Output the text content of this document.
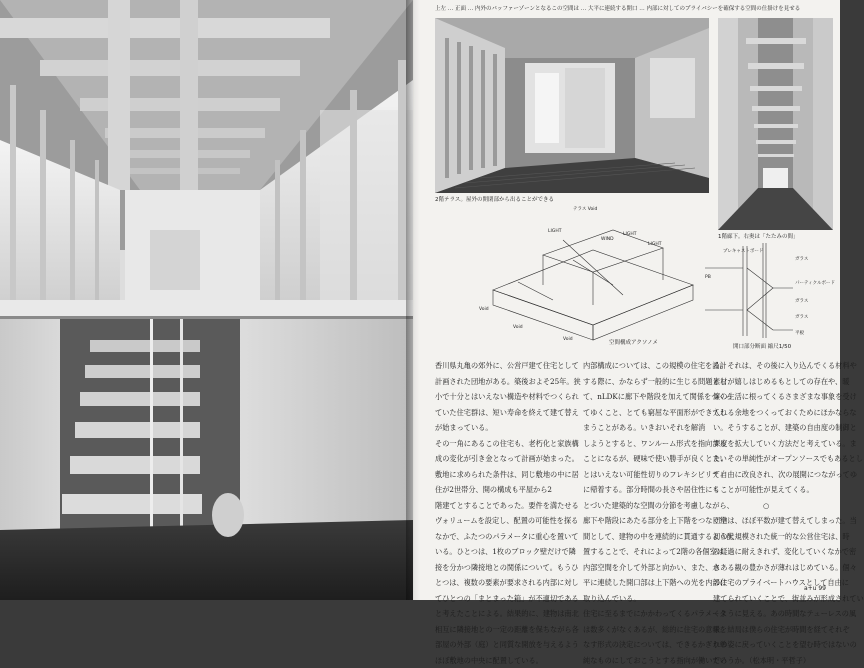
上左 … 正面 … 内外のバッファーゾーンとなるこの空間は … 大平に連続する開口 … 内部に対してのプライバシーを確保する空間の仕掛けを見せる
2階テラス。屋外の開閉部から出ることができる
1階廊下。右奥は「たたみの間」
テラス Void
LIGHT
LIGHT
WIND
LIGHT
Void
Void
Void
空間構成アクソノメ
プレキャストボード
ガラス
パーティクルボード
ガラス
ガラス
平板
PB
開口部分断面 縮尺1/50
香川県丸亀の郊外に、公営戸建て住宅として
計画された団地がある。築後およそ25年。狭
小で十分とはいえない構造や材料でつくられ
ていた住宅群は、短い寿命を終えて建て替え
が始まっている。
その一角にあるこの住宅も、老朽化と家族構
成の変化が引き金となって計画が始まった。
敷地に求められた条件は、同じ敷地の中に居
住が2世帯分、開の構成も平屋から2
階建てとすることであった。要件を満たせる
ヴォリュームを設定し、配置の可能性を探る
なかで、ふたつのパラメータに重心を置いて
いる。ひとつは、1枚のブロック壁だけで隣
接を分かつ隣接地との関係について。もうひ
とつは、複数の要素が要求される内部に対し
てひとつの「まとまった箱」が不適切である
と考えたことによる。結果的に、建物は南北
相互に隣接地との一定の距離を保ちながら各
部屋の外部（庭）と同質な開放を与えるよう
ほぼ敷地の中央に配置している。
内部構成については、この規模の住宅を設計
する際に、かならず一般的に生じる問題とし
て、nLDKに廊下や階段を加えて関係をつくっ
てゆくこと、とても窮屈な平面形ができてし
まうことがある。いきおいそれを解消
しようとすると、ワンルーム形式を指向する
ことになるが、硬味で使い勝手が良くとまい
とはいえない可能性切りのフレキシビリティ
に帰着する。部分時間の長さや居住性にも
とづいた建築的な空間の分節を考慮しながら、
廊下や階段にあたる部分を上下階をつなぐ空
間として、建物の中を連続的に貫通するよう配
置することで、それによって2階の各個室は、
内部空間を介して外部と向かい、また、水
平に連続した開口部は上下階への光を内部に
取り込んでいる。
住宅に至るまでにかかわってくるパラメータ
は数多くがなくあるが、総的に住宅の意味を
なす形式の決定については、できるかぎり単
純なものにしておこうとする指向が働いてい
る。それは、その後に入り込んでくる材料や
素材が嬉しはじめるもとしての存在や、暖
簾の生活に根ってくるさまざまな事象を受け
入れる余地をつくっておくためにほかならな
い。そうすることが、建築の自由度の制御と
課度を拡大していく方法だと考えている。ま
た、その単純性がオープンソースでもあるとし
て自由に改良され、次の展開につながってゆ
くことが可能性が見えてくる。
○
団地は、ほぼ平数が建て替えてしまった。当
初の大規模された統一的な公営住宅は、時
の経過に耐えきれず、変化していくなかで密
さある観の豊かさが薄れはじめている。個々
の住宅のプライベートハウスとして自由に
建てられていくことで、街並みが形成されてい
くように見える。あの時間なテューレスの風
景。結局は僕らの住宅が時間を経てそれぞ
れの姿に戻っていくことを望む時ではないの
だろうか。（松本明・平哲子）
a+u 99
